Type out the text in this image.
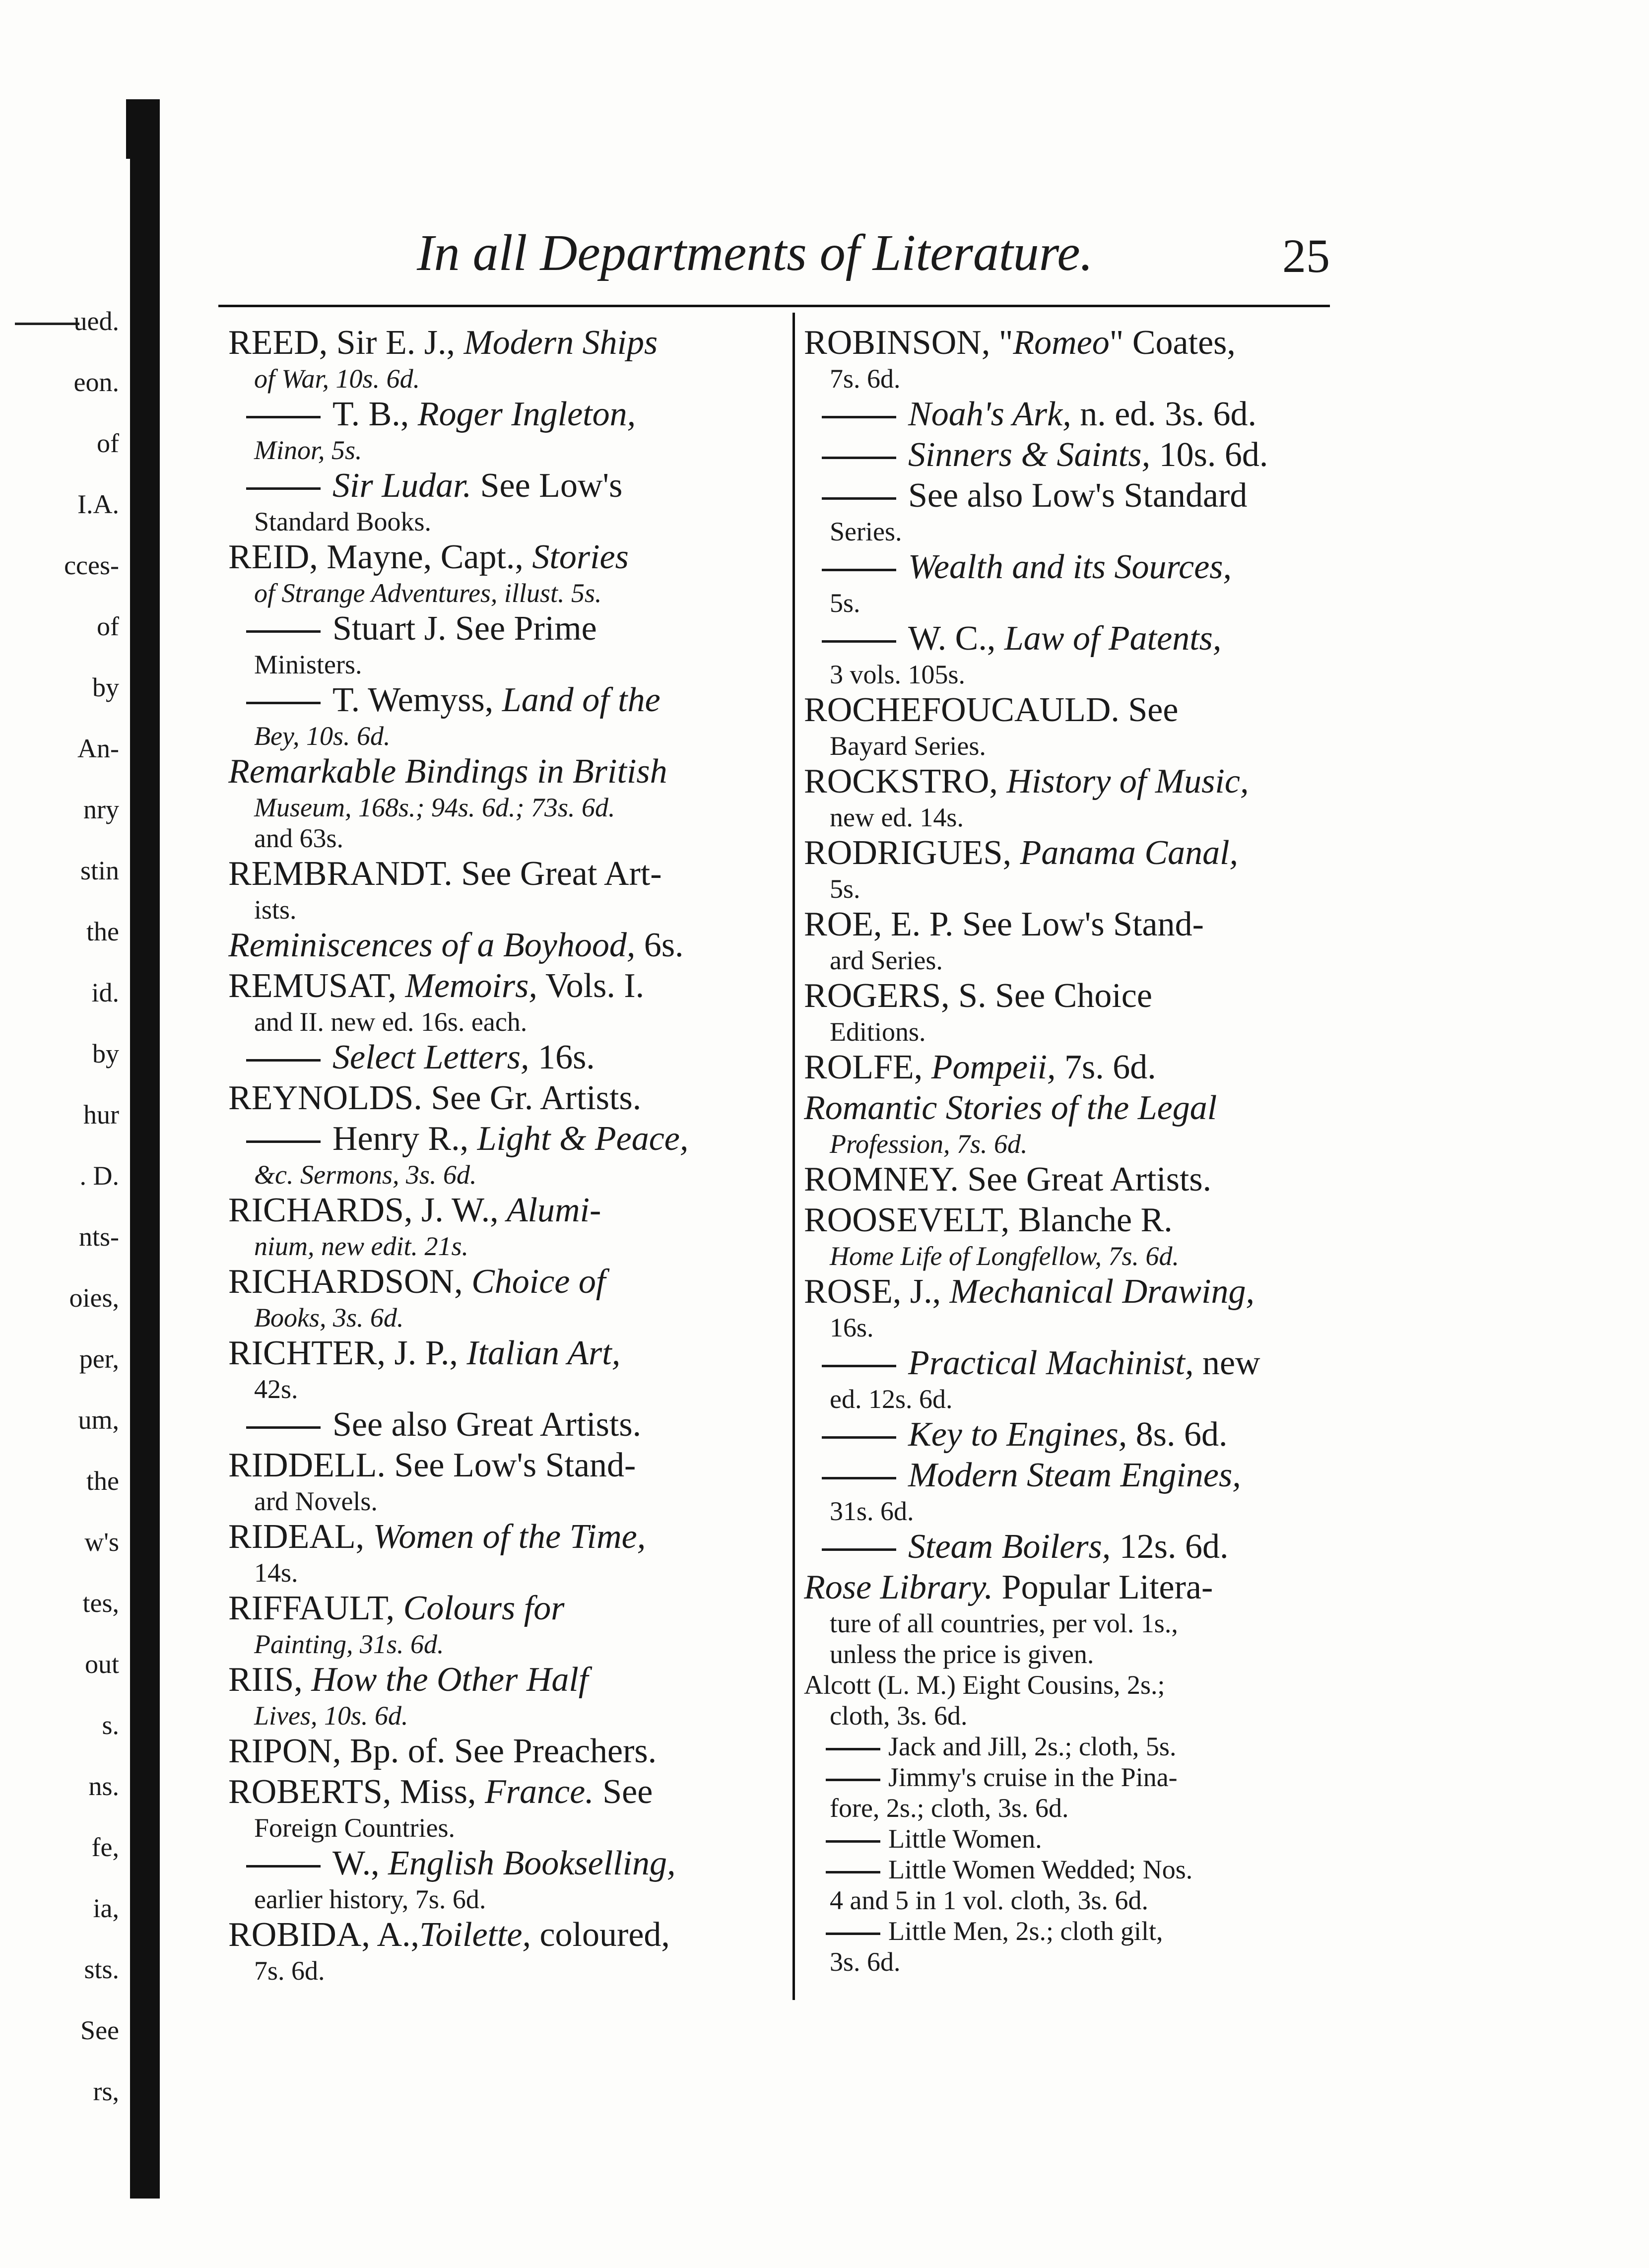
ued.
eon.
of
I.A.
cces-
of
by
An-
nry
stin
the
id.
by
hur
. D.
nts-
oies,
per,
um,
the
w's
tes,
out
s.
ns.
fe,
ia,
sts.
See
rs,
In all Departments of Literature.	25
REED, Sir E. J., Modern Ships
of War, 10s. 6d.
T. B., Roger Ingleton,
Minor, 5s.
Sir Ludar. See Low's
Standard Books.
REID, Mayne, Capt., Stories
of Strange Adventures, illust. 5s.
Stuart J. See Prime
Ministers.
T. Wemyss, Land of the
Bey, 10s. 6d.
Remarkable Bindings in British
Museum, 168s.; 94s. 6d.; 73s. 6d.
and 63s.
REMBRANDT. See Great Art-
ists.
Reminiscences of a Boyhood, 6s.
REMUSAT, Memoirs, Vols. I.
and II. new ed. 16s. each.
Select Letters, 16s.
REYNOLDS. See Gr. Artists.
Henry R., Light & Peace,
&c. Sermons, 3s. 6d.
RICHARDS, J. W., Alumi-
nium, new edit. 21s.
RICHARDSON, Choice of
Books, 3s. 6d.
RICHTER, J. P., Italian Art,
42s.
See also Great Artists.
RIDDELL. See Low's Stand-
ard Novels.
RIDEAL, Women of the Time,
14s.
RIFFAULT, Colours for
Painting, 31s. 6d.
RIIS, How the Other Half
Lives, 10s. 6d.
RIPON, Bp. of. See Preachers.
ROBERTS, Miss, France. See
Foreign Countries.
W., English Bookselling,
earlier history, 7s. 6d.
ROBIDA, A.,Toilette, coloured,
7s. 6d.
ROBINSON, "Romeo" Coates,
7s. 6d.
Noah's Ark, n. ed. 3s. 6d.
Sinners & Saints, 10s. 6d.
See also Low's Standard
Series.
Wealth and its Sources,
5s.
W. C., Law of Patents,
3 vols. 105s.
ROCHEFOUCAULD. See
Bayard Series.
ROCKSTRO, History of Music,
new ed. 14s.
RODRIGUES, Panama Canal,
5s.
ROE, E. P. See Low's Stand-
ard Series.
ROGERS, S. See Choice
Editions.
ROLFE, Pompeii, 7s. 6d.
Romantic Stories of the Legal
Profession, 7s. 6d.
ROMNEY. See Great Artists.
ROOSEVELT, Blanche R.
Home Life of Longfellow, 7s. 6d.
ROSE, J., Mechanical Drawing,
16s.
Practical Machinist, new
ed. 12s. 6d.
Key to Engines, 8s. 6d.
Modern Steam Engines,
31s. 6d.
Steam Boilers, 12s. 6d.
Rose Library. Popular Litera-
ture of all countries, per vol. 1s.,
unless the price is given.
Alcott (L. M.) Eight Cousins, 2s.;
cloth, 3s. 6d.
Jack and Jill, 2s.; cloth, 5s.
Jimmy's cruise in the Pina-
fore, 2s.; cloth, 3s. 6d.
Little Women.
Little Women Wedded; Nos.
4 and 5 in 1 vol. cloth, 3s. 6d.
Little Men, 2s.; cloth gilt,
3s. 6d.
